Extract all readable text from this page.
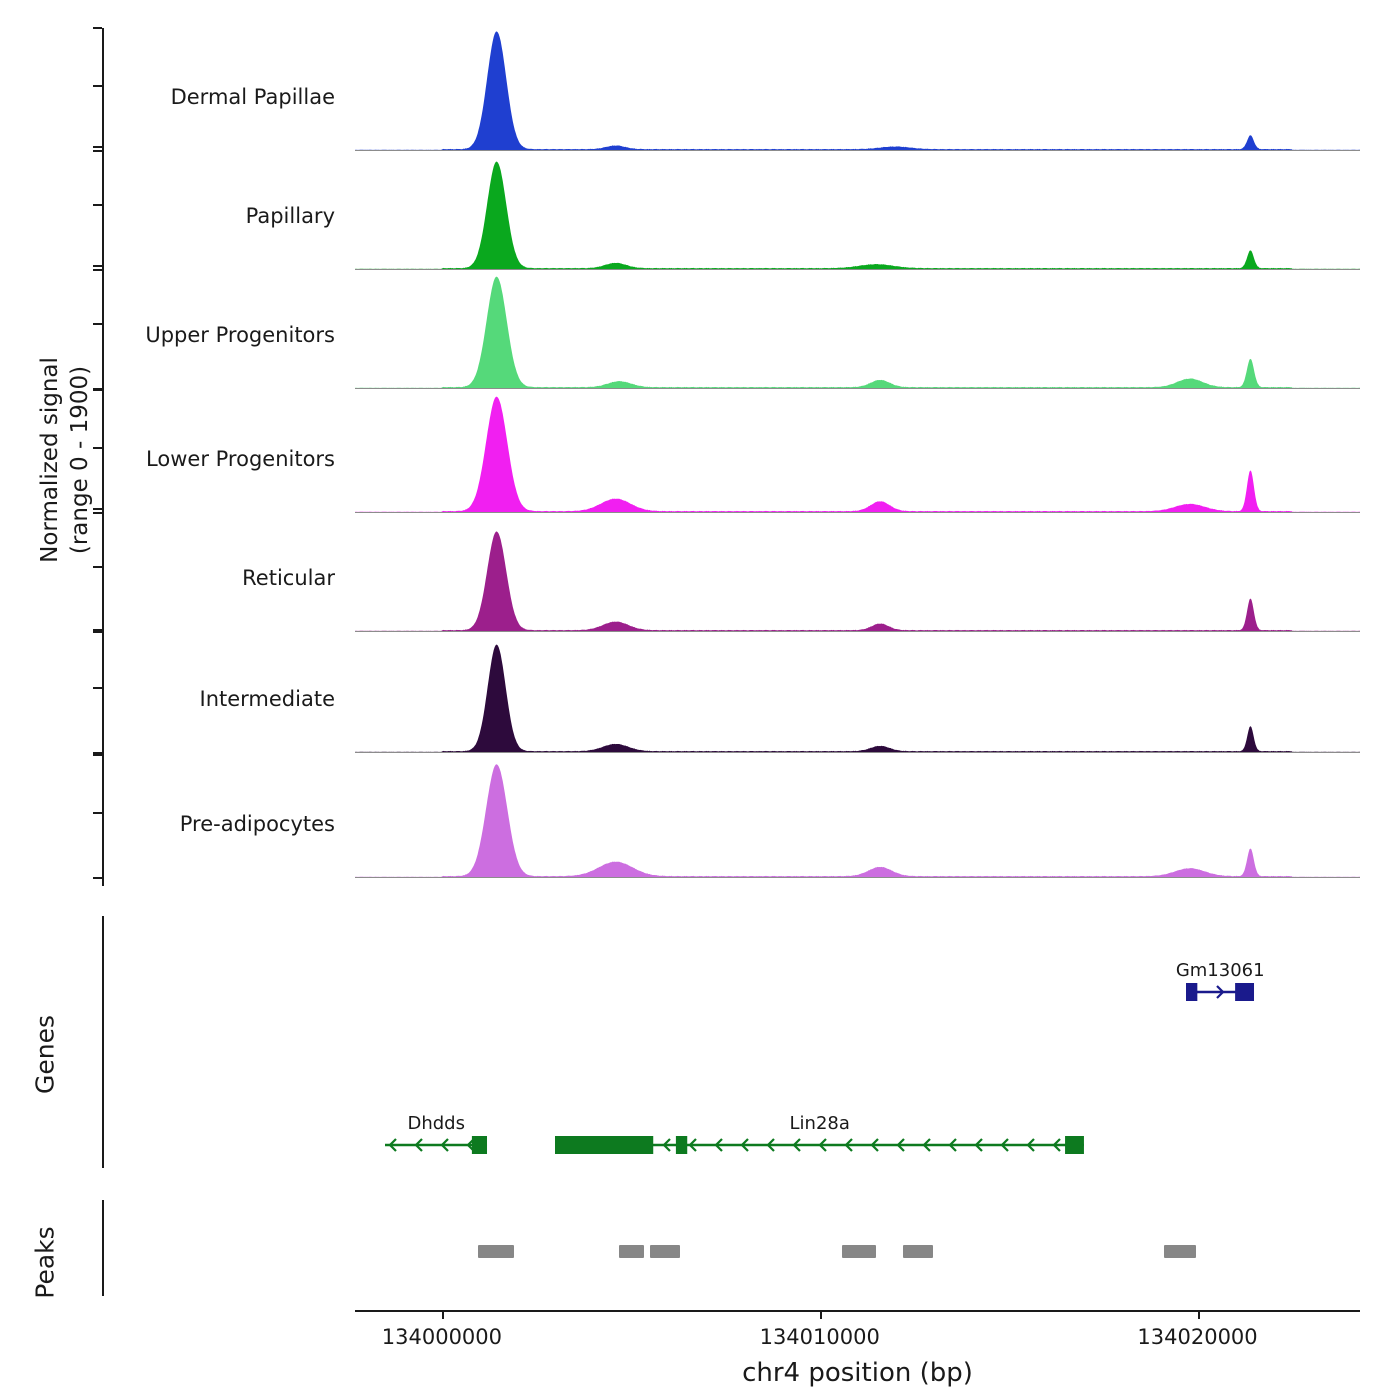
Normalized signal (range 0 - 1900)
Genes
Peaks
Dermal Papillae
Papillary
Upper Progenitors
Lower Progenitors
Reticular
Intermediate
Pre-adipocytes
Gm13061
Dhdds	Lin28a
134000000	134010000	134020000
chr4 position (bp)
